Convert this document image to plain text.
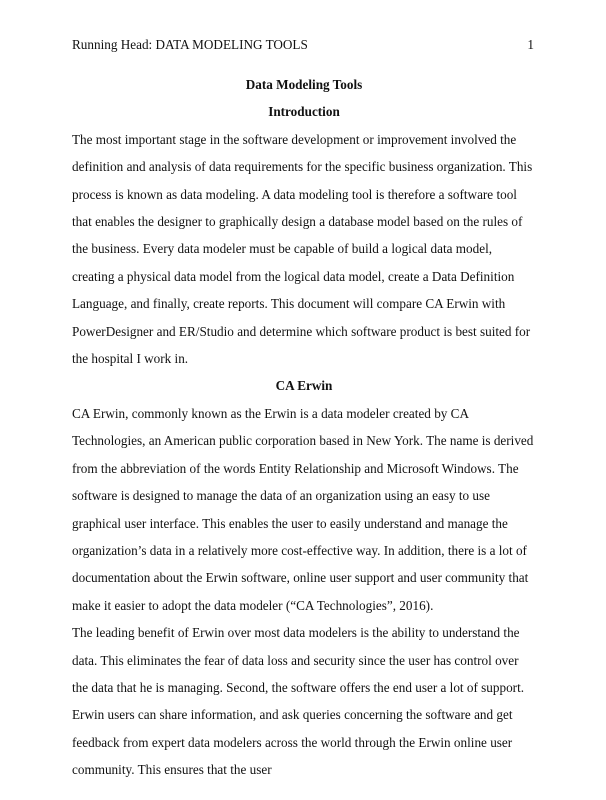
Running Head: DATA MODELING TOOLS	1
Data Modeling Tools
Introduction

The most important stage in the software development or improvement involved the definition and analysis of data requirements for the specific business organization. This process is known as data modeling. A data modeling tool is therefore a software tool that enables the designer to graphically design a database model based on the rules of the business. Every data modeler must be capable of build a logical data model, creating a physical data model from the logical data model, create a Data Definition Language, and finally, create reports. This document will compare CA Erwin with PowerDesigner and ER/Studio and determine which software product is best suited for the hospital I work in.

CA Erwin

CA Erwin, commonly known as the Erwin is a data modeler created by CA Technologies, an American public corporation based in New York. The name is derived from the abbreviation of the words Entity Relationship and Microsoft Windows. The software is designed to manage the data of an organization using an easy to use graphical user interface. This enables the user to easily understand and manage the organization’s data in a relatively more cost-effective way. In addition, there is a lot of documentation about the Erwin software, online user support and user community that make it easier to adopt the data modeler (“CA Technologies”, 2016).

The leading benefit of Erwin over most data modelers is the ability to understand the data. This eliminates the fear of data loss and security since the user has control over the data that he is managing. Second, the software offers the end user a lot of support. Erwin users can share information, and ask queries concerning the software and get feedback from expert data modelers across the world through the Erwin online user community. This ensures that the user
